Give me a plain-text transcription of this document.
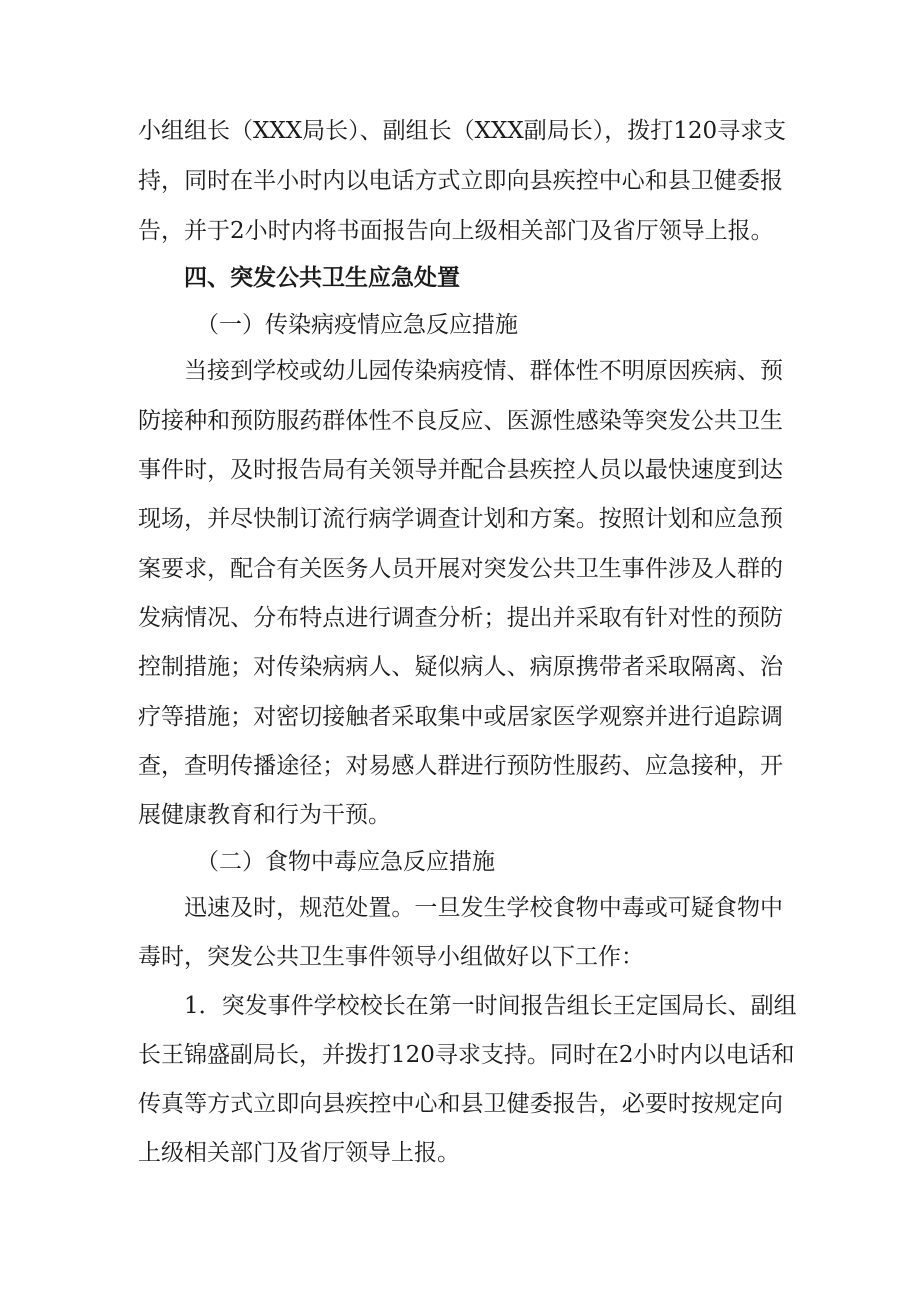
小组组长（XXX局长）、副组长（XXX副局长），拨打120寻求支
持，同时在半小时内以电话方式立即向县疾控中心和县卫健委报
告，并于2小时内将书面报告向上级相关部门及省厅领导上报。
四、突发公共卫生应急处置
（一）传染病疫情应急反应措施
当接到学校或幼儿园传染病疫情、群体性不明原因疾病、预
防接种和预防服药群体性不良反应、医源性感染等突发公共卫生
事件时，及时报告局有关领导并配合县疾控人员以最快速度到达
现场，并尽快制订流行病学调查计划和方案。按照计划和应急预
案要求，配合有关医务人员开展对突发公共卫生事件涉及人群的
发病情况、分布特点进行调查分析；提出并采取有针对性的预防
控制措施；对传染病病人、疑似病人、病原携带者采取隔离、治
疗等措施；对密切接触者采取集中或居家医学观察并进行追踪调
查，查明传播途径；对易感人群进行预防性服药、应急接种，开
展健康教育和行为干预。
（二）食物中毒应急反应措施
迅速及时，规范处置。一旦发生学校食物中毒或可疑食物中
毒时，突发公共卫生事件领导小组做好以下工作：
1．突发事件学校校长在第一时间报告组长王定国局长、副组
长王锦盛副局长，并拨打120寻求支持。同时在2小时内以电话和
传真等方式立即向县疾控中心和县卫健委报告，必要时按规定向
上级相关部门及省厅领导上报。
